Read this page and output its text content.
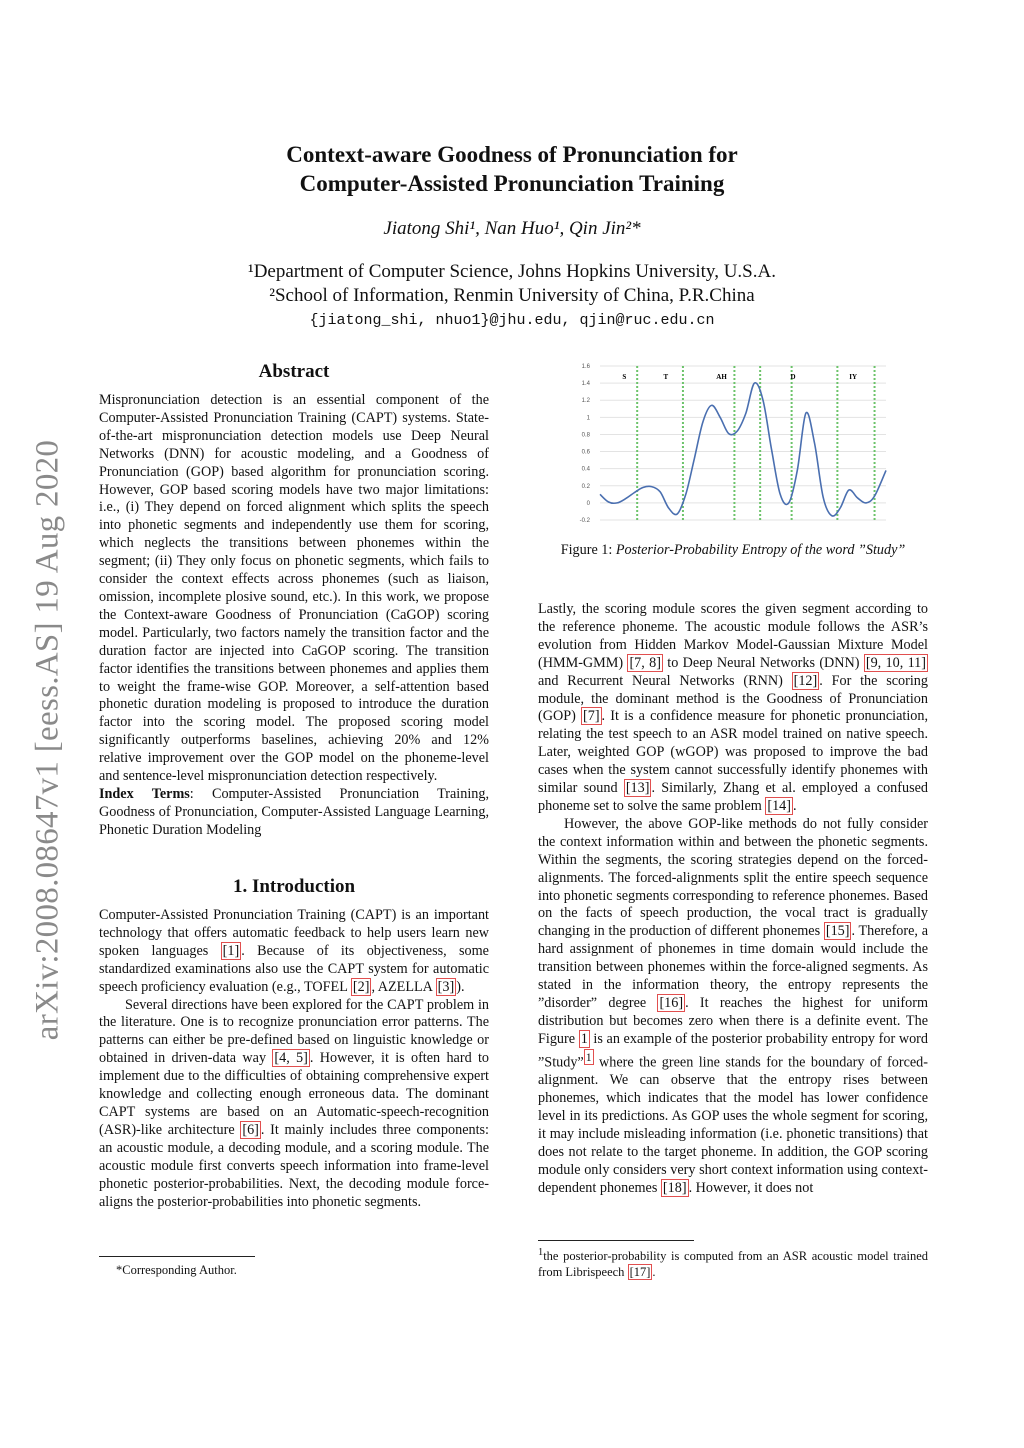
Context-aware Goodness of Pronunciation for
Computer-Assisted Pronunciation Training
Jiatong Shi¹, Nan Huo¹, Qin Jin²*
¹Department of Computer Science, Johns Hopkins University, U.S.A.
²School of Information, Renmin University of China, P.R.China
{jiatong_shi, nhuo1}@jhu.edu, qjin@ruc.edu.cn
arXiv:2008.08647v1 [eess.AS] 19 Aug 2020
Abstract

Mispronunciation detection is an essential component of the Computer-Assisted Pronunciation Training (CAPT) systems. State-of-the-art mispronunciation detection models use Deep Neural Networks (DNN) for acoustic modeling, and a Goodness of Pronunciation (GOP) based algorithm for pronunciation scoring. However, GOP based scoring models have two major limitations: i.e., (i) They depend on forced alignment which splits the speech into phonetic segments and independently use them for scoring, which neglects the transitions between phonemes within the segment; (ii) They only focus on phonetic segments, which fails to consider the context effects across phonemes (such as liaison, omission, incomplete plosive sound, etc.). In this work, we propose the Context-aware Goodness of Pronunciation (CaGOP) scoring model. Particularly, two factors namely the transition factor and the duration factor are injected into CaGOP scoring. The transition factor identifies the transitions between phonemes and applies them to weight the frame-wise GOP. Moreover, a self-attention based phonetic duration modeling is proposed to introduce the duration factor into the scoring model. The proposed scoring model significantly outperforms baselines, achieving 20% and 12% relative improvement over the GOP model on the phoneme-level and sentence-level mispronunciation detection respectively.

Index Terms: Computer-Assisted Pronunciation Training, Goodness of Pronunciation, Computer-Assisted Language Learning, Phonetic Duration Modeling

1. Introduction

Computer-Assisted Pronunciation Training (CAPT) is an important technology that offers automatic feedback to help users learn new spoken languages [1] . Because of its objectiveness, some standardized examinations also use the CAPT system for automatic speech proficiency evaluation (e.g., TOFEL [2] , AZELLA [3] ).

Several directions have been explored for the CAPT problem in the literature. One is to recognize pronunciation error patterns. The patterns can either be pre-defined based on linguistic knowledge or obtained in driven-data way [4, 5] . However, it is often hard to implement due to the difficulties of obtaining comprehensive expert knowledge and collecting enough erroneous data. The dominant CAPT systems are based on an Automatic-speech-recognition (ASR)-like architecture [6] . It mainly includes three components: an acoustic module, a decoding module, and a scoring module. The acoustic module first converts speech information into frame-level phonetic posterior-probabilities. Next, the decoding module force-aligns the posterior-probabilities into phonetic segments.

*Corresponding Author.
1.6
1.4
1.2
1
0.8
0.6
0.4
0.2
0
-0.2
S	T	AH	D	IY
Figure 1: Posterior-Probability Entropy of the word ”Study”

Lastly, the scoring module scores the given segment according to the reference phoneme. The acoustic module follows the ASR’s evolution from Hidden Markov Model-Gaussian Mixture Model (HMM-GMM) [7, 8] to Deep Neural Networks (DNN) [9, 10, 11] and Recurrent Neural Networks (RNN) [12] . For the scoring module, the dominant method is the Goodness of Pronunciation (GOP) [7] . It is a confidence measure for phonetic pronunciation, relating the test speech to an ASR model trained on native speech. Later, weighted GOP (wGOP) was proposed to improve the bad cases when the system cannot successfully identify phonemes with similar sound [13] . Similarly, Zhang et al. employed a confused phoneme set to solve the same problem [14] .

However, the above GOP-like methods do not fully consider the context information within and between the phonetic segments. Within the segments, the scoring strategies depend on the forced-alignments. The forced-alignments split the entire speech sequence into phonetic segments corresponding to reference phonemes. Based on the facts of speech production, the vocal tract is gradually changing in the production of different phonemes [15] . Therefore, a hard assignment of phonemes in time domain would include the transition between phonemes within the force-aligned segments. As stated in the information theory, the entropy represents the ”disorder” degree [16] . It reaches the highest for uniform distribution but becomes zero when there is a definite event. The Figure 1 is an example of the posterior probability entropy for word ”Study” $^1$ where the green line stands for the boundary of forced-alignment. We can observe that the entropy rises between phonemes, which indicates that the model has lower confidence level in its predictions. As GOP uses the whole segment for scoring, it may include misleading information (i.e. phonetic transitions) that does not relate to the target phoneme. In addition, the GOP scoring module only considers very short context information using context-dependent phonemes [18] . However, it does not

$^1$the posterior-probability is computed from an ASR acoustic model trained from Librispeech [17] .
